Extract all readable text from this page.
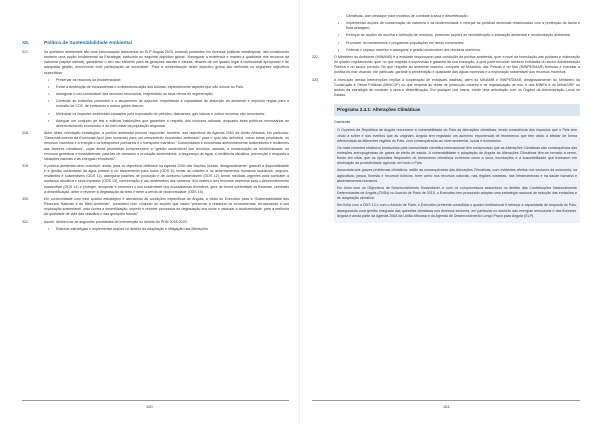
XII.	Política de Sustentabilidade Ambiental
317.	As questões ambientais são uma preocupação transversal ao ELP Angola 2025, estando presentes em diversas políticas estratégicas, não constituindo também uma opção fundamental da Estratégia, traduzida no seguinte objectivo global: “Assegurar a existência e manter a qualidade dos recursos da natureza (capital natural), garantindo o seu uso eficiente para as gerações actuais e futuras, através de um quadro legal e institucional apropriado e de adequada gestão, envolvendo forte participação da sociedade”. Para a concretização deste objectivo global são definidos os seguintes objectivos específicos:
• Preservar os recursos da biodiversidade;
• Evitar a destruição de ecossistemas e a desestruturação dos biomas, especialmente aqueles que são únicos ao País;
• Assegurar o uso sustentável dos recursos renováveis, respeitando os seus ritmos de regeneração;
• Controlar as emissões poluentes e o lançamento de dejectos, respeitando a capacidade de absorção do ambiente e impondo regras para a emissão de CO2, de emissores e outros gases tóxicos;
• Minimizar os impactes ambientais causados pela exploração do petróleo, diamantes, gás natural e outros recursos não renováveis;
• Adequar um conjunto de leis e edificar instituições que garantam o respeito dos recursos naturais, enquanto bens públicos necessários ao desenvolvimento económico e ao bem-estar da população angolana.
318.	Além desta orientação estratégica, a política ambiental procura responder, também, aos objectivos da Agenda 2063 da União Africana, em particular: “Desenvolvimento da Economia Azul (dos oceanos) para um crescimento económico acelerado” para o qual são definidos, como áreas prioritárias, os recursos marinhos e a energia e os transportes portuários e o transporte marítimo; “Comunidades e economias ambientalmente sustentáveis e resilientes aos factores climáticos”, cujas áreas prioritárias compreendem a “gestão sustentável dos recursos naturais, a conservação da biodiversidade, os recursos genéticos e ecossistemas, padrões de consumo e produção sustentáveis, a segurança da água, a resiliência climática, prevenção e resposta a situações naturais e as energias renováveis”.
319.	A política ambiental deve contribuir, ainda, para os objectivos definidos na Agenda 2030 das Nações Unidas, designadamente: garantir a disponibilidade e a gestão sustentável da água potável e do saneamento para todos (ODS 6), tornar as cidades e os assentamentos humanos inclusivos, seguros, resilientes e sustentáveis (ODS 11), assegurar padrões de produção e de consumo sustentáveis (ODS 12), tomar medidas urgentes para combater a mudança climática e seus impactos (ODS 13), conservação e uso sustentável dos oceanos, dos mares e dos recursos marinhos para o desenvolvimento sustentável (ODS 14) e proteger, recuperar e promover o uso sustentável dos ecossistemas terrestres, gerir de forma sustentável as florestas, combater a desertificação, deter e reverter a degradação da terra e deter a perda de biodiversidade (ODS 15).
320.	Em conformidade com este quadro estratégico e atendendo às condições específicas de Angola, a visão do Executivo para a “Sustentabilidade dos Recursos Naturais e do Meio Ambiente”, consistem num conjunto de acções que visam “preservar e restaurar os ecossistemas, recuperando a sua exploração sustentável, lutar contra a desertificação, impedir e reverter processos de degradação dos solos e valorizar a biodiversidade, para a melhoria da qualidade de vida das cidadãos e das gerações futuras”.
321.	Assim, definem-se as seguintes prioridades de intervenção no âmbito do PDN 2018-2022:
• Elaborar estratégias e implementar acções no âmbito da Adaptação e Mitigação das Alterações
180
Climáticas, com destaque para modelos de combate à seca e desertificação;
• Implementar acções de conservação da natureza e da biodiversidade e reforçar as políticas sectoriais relacionadas com a protecção da fauna e flora selvagem;
• Reforçar as acções de recolha e selecção de resíduos, promover acções de sensibilização e educação ambiental e monitorização ambiental;
• Promover os mecanismos e programas populações em áreas vulneráveis;
• Ordenar o espaço marinho e assegurar a gestão sustentável dos recursos marinhos.
322.	O Ministério do Ambiente (MINAMB) é a entidade responsável pela condução da política ambiental, quer a nível da formulação das políticas e elaboração do quadro regulamentar, quer no que respeita à supervisão e garantia da sua execução, a qual pode envolver também entidades do sector Administração Pública e do sector privado. No que respeita ao ambiente marinho, compete ao Ministério das Pescas e do Mar (MINPESMAR) formular e executar a política do mar visando, em particular, garantir a preservação e qualidade das águas marinhas e a exploração sustentável dos recursos marinhos.
323.	A execução destas intervenções implica a cooperação de entidades distintas, além do MINAMB e MINPESMAR, designadamente: do Ministério da Construção e Obras Públicas (MINCOP) no que respeita às obras de protecção costeira e de regularização de rios, e dos MINEA e do MINAGRIF no âmbito da estratégia de combate à seca e desertificação. Em qualquer dos casos, existe uma articulação com os Órgãos da Administração Local do Estado.
Programa 2.4.1: Alterações Climáticas
Contexto

O Governo da República de Angola reconhece a vulnerabilidade do País às alterações climáticas, tendo consciência dos impactos que o País tem vindo a sofrer e dos eventos que as originam. Angola tem registado um aumento exponencial de fenómenos que têm vindo a afectar de forma diferenciada as diferentes regiões do País, com consequências ao nível ambiental, social e económico.

Os mais recentes relatórios produzidos pela comunidade científica internacional têm comprovado que as Alterações Climáticas são consequência das emissões antropogénicas de gases de efeito de estufa. A vulnerabilidade e adaptação de Angola às Alterações Climáticas têm-se tornado a cerne, tendo em vista, que os episódios frequentes de fenómenos climáticos extremos como a seca, inundações e a suscetibilidade que traduzem em diminuição da produtividade agrícola, em todo o País.

Associada aos graves problemas climáticos, estão as consequências das Alterações Climáticas, com evidentes efeitos nos sectores da economia, na agricultura, pesca, floresta e recursos hídricos, bem como nos recursos naturais, nas regiões costeiras, nas infraestruturas e na saúde humana e assentamentos humanos.

Em linha com os Objectivos de Desenvolvimento Sustentável, e com os compromissos assumidos no âmbito das Contribuições Nacionalmente Determinadas de Angola (CNDs) no Acordo de Paris de 2015, o Executivo tem procurado adoptar uma estratégia nacional de redução das emissões e de adaptação climática.

Em linha com o ODS 13 e com o Acordo de Paris, o Executivo pretende consolidar o quadro institucional e reforçar a capacidade de resposta do País, assegurando uma gestão integrada das questões climáticas nos diversos sectores, em particular no domínio das energias renováveis e das florestas. Angola é ainda parte da Agenda 2063 da União Africana e da Agenda de Desenvolvimento Longo Prazo para Angola (ELP).

181
